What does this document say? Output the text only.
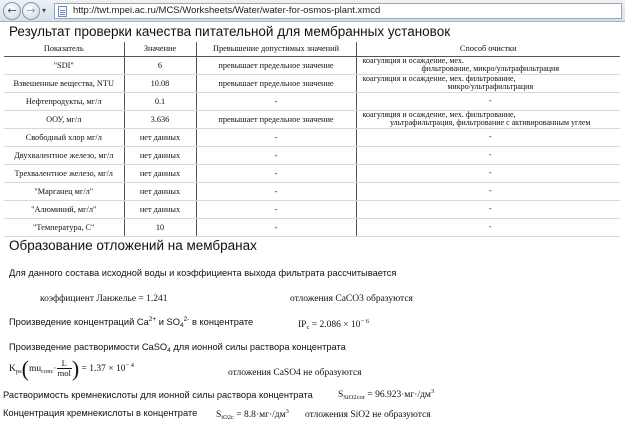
← → ▾	http://twt.mpei.ac.ru/MCS/Worksheets/Water/water-for-osmos-plant.xmcd
Результат проверки качества питательной для мембранных установок
Показатель	Значение	Превышение допустимых значений	Способ очистки
"SDI"	6	превышает предельное значение	коагуляция и осаждение, мех.
фильтрование, микро/ультрафильтрация

Взвешенные вещества, NTU	10.08	превышает предельное значение	коагуляция и осаждение, мех. фильтрование,
микро/ультрафильтрация

Нефтепродукты, мг/л	0.1	-	-

ООУ, мг/л	3.636	превышает предельное значение	коагуляция и осаждение, мех. фильтрование,
ультрафильтрация, фильтрование с активированным углем

Свободный хлор мг/л	нет данных	-	-

Двухвалентное железо, мг/л	нет данных	-	-

Трехвалентное железо, мг/л	нет данных	-	-

"Марганец мг/л"	нет данных	-	-

"Алюминий, мг/л"	нет данных	-	-

"Температура, С"	10	-	-
Образование отложений на мембранах
Для данного состава исходной воды и коэффициента выхода фильтрата рассчитывается
коэффициент Ланжелье = 1.241	отложения CaCO3 образуются
Произведение концентраций $Ca^{2+}$ и $SO_4^{2-}$ в концентрате	$IP_c = 2.086 \times 10^{- 6}$
Произведение растворимости CaSO$_4$ для ионной силы раствора концентрата
$K_{ps}(mu_{conc}\cdot \frac{L}{\text{mol}}$ ) = $1.37 \times 10^{- 4}$
отложения CaSO4 не образуются
Растворимость кремнекислоты для ионной силы раствора концентрата	$S_{SiO2cor} = 96.923\cdot мг\cdot/дм^3$
Концентрация кремнекислоты в концентрате $S_{iO2c} = 8.8\cdot мг\cdot/дм^3$ отложения SiO2 не образуются
